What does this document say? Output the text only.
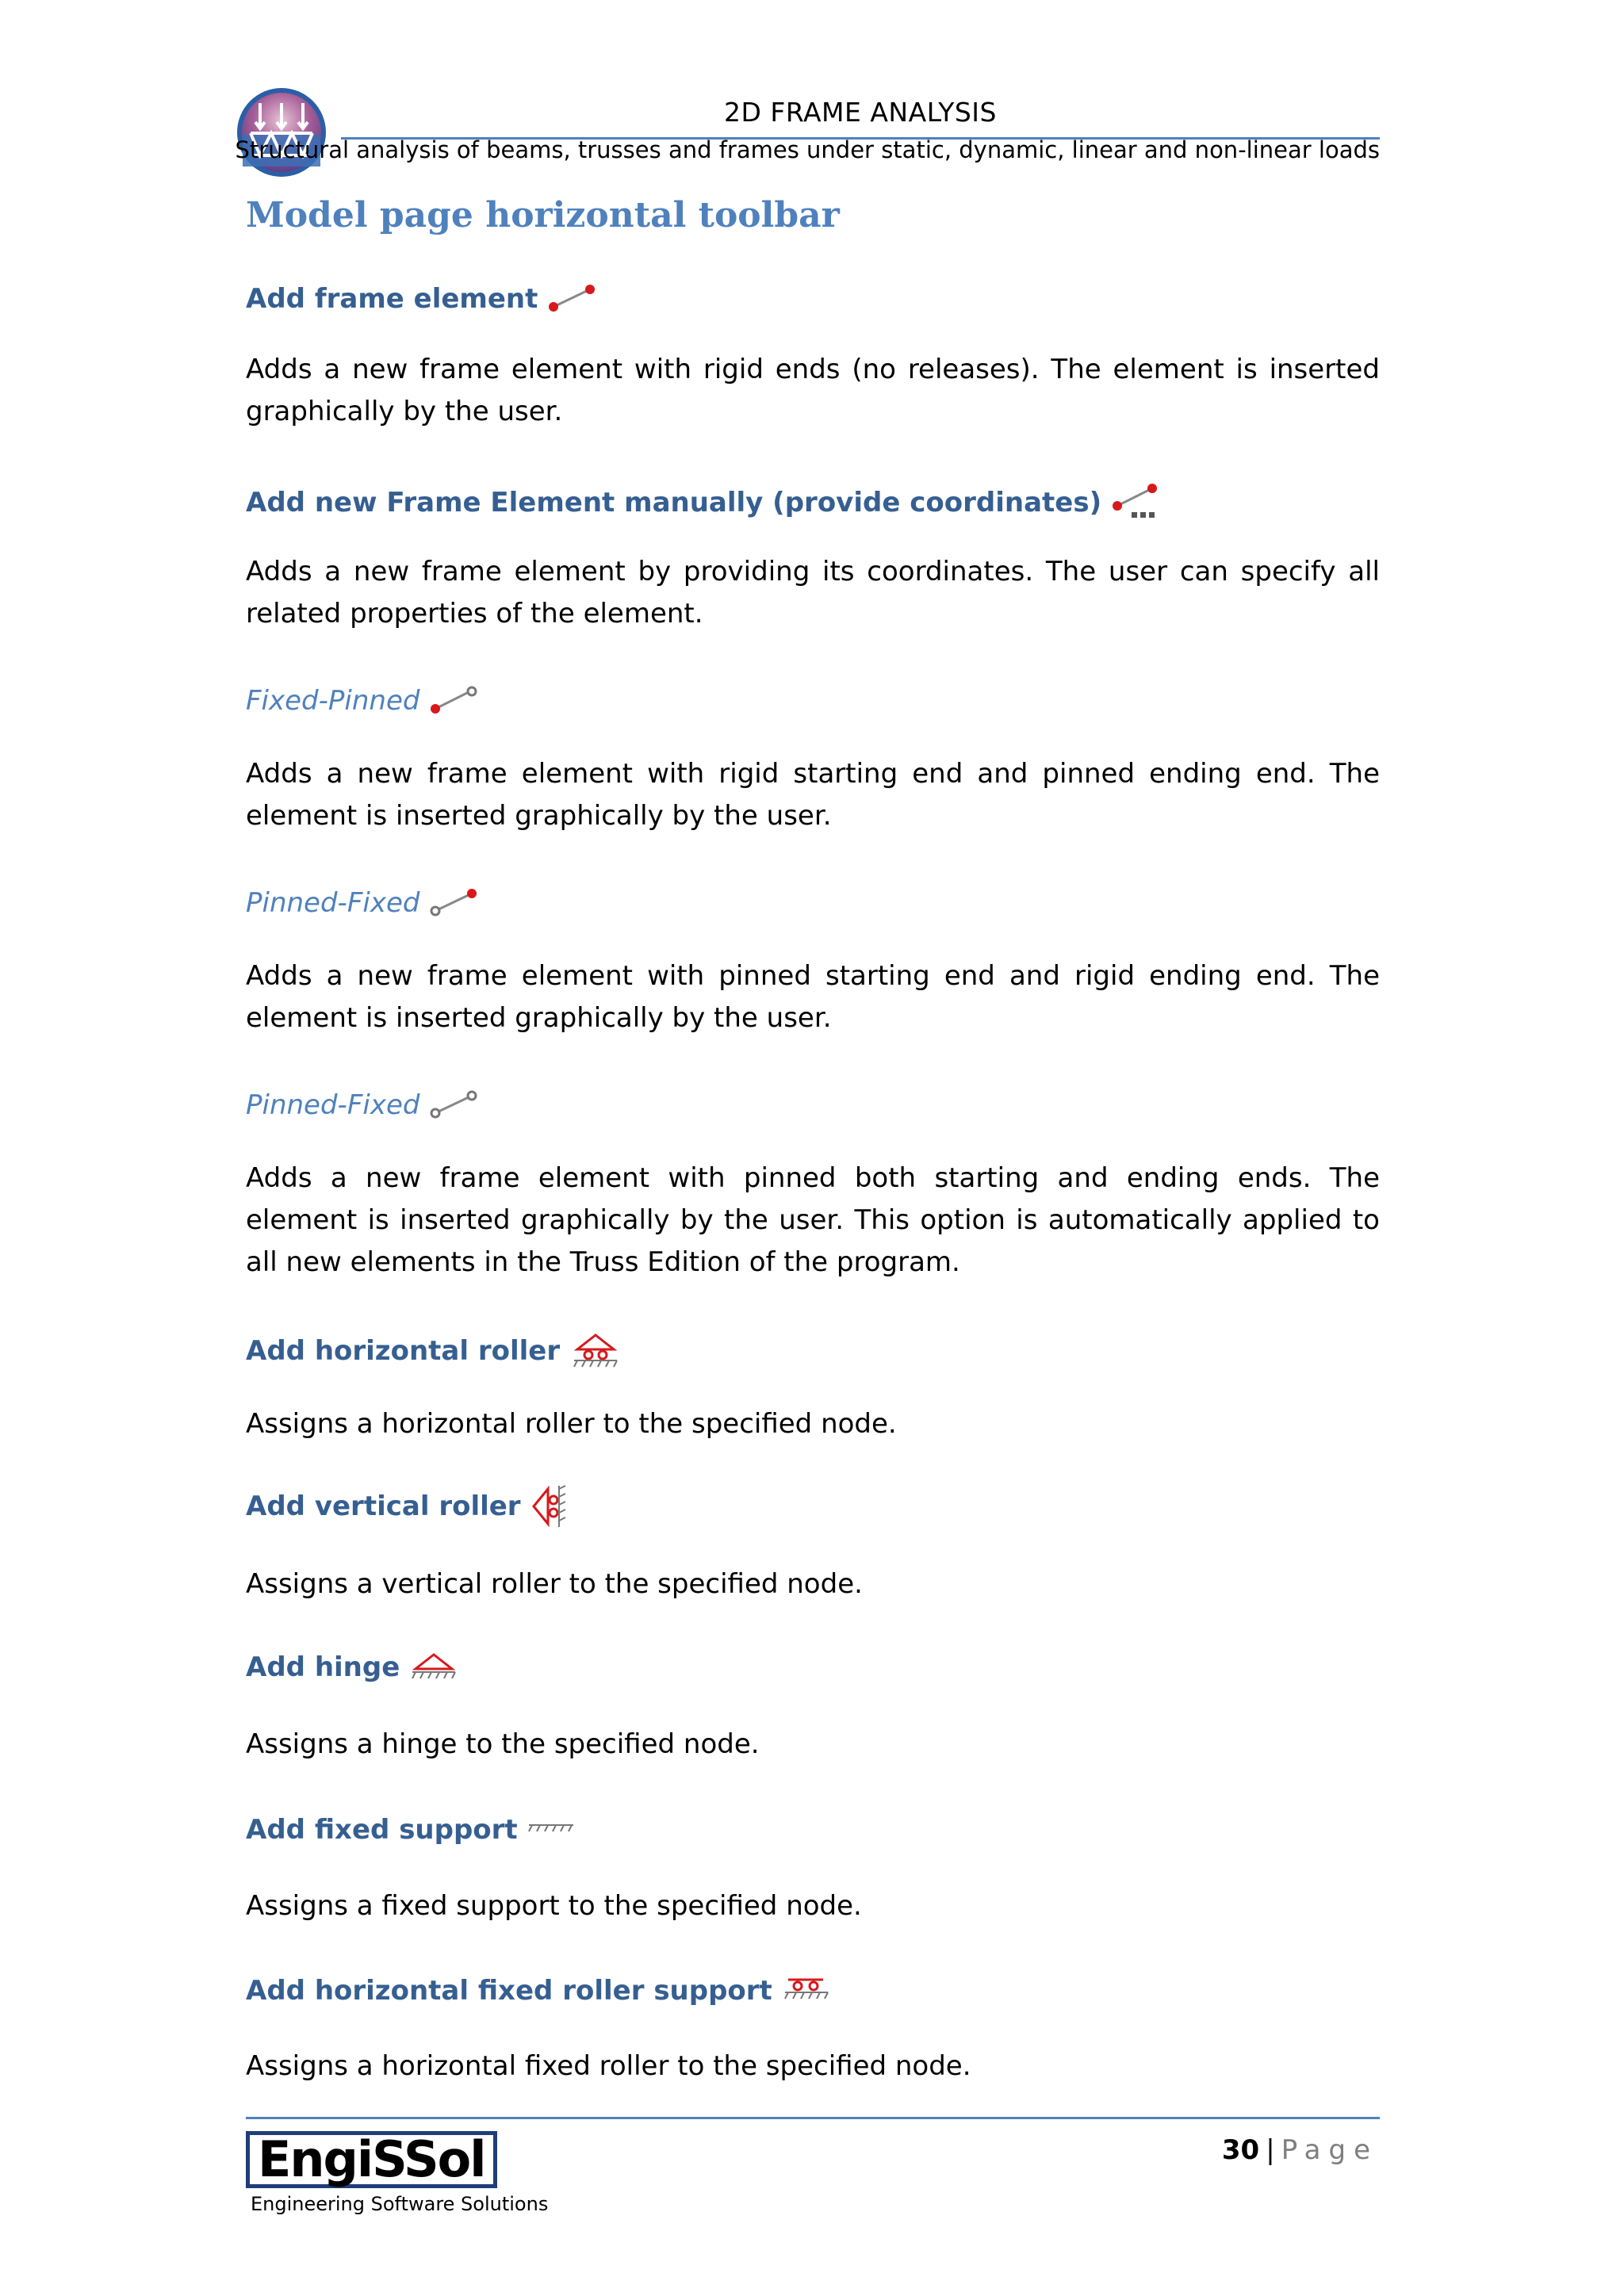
2D FRAME ANALYSIS
Structural analysis of beams, trusses and frames under static, dynamic, linear and non-linear loads
Model page horizontal toolbar
Add frame element
Adds a new frame element with rigid ends (no releases). The element is inserted graphically by the user.
Add new Frame Element manually (provide coordinates)
Adds a new frame element by providing its coordinates. The user can specify all related properties of the element.
Fixed-Pinned
Adds a new frame element with rigid starting end and pinned ending end. The element is inserted graphically by the user.
Pinned-Fixed
Adds a new frame element with pinned starting end and rigid ending end. The element is inserted graphically by the user.
Pinned-Fixed
Adds a new frame element with pinned both starting and ending ends. The element is inserted graphically by the user. This option is automatically applied to all new elements in the Truss Edition of the program.
Add horizontal roller
Assigns a horizontal roller to the specified node.
Add vertical roller
Assigns a vertical roller to the specified node.
Add hinge
Assigns a hinge to the specified node.
Add fixed support
Assigns a fixed support to the specified node.
Add horizontal fixed roller support
Assigns a horizontal fixed roller to the specified node.
EngiSSol
Engineering Software Solutions
30 | Page
